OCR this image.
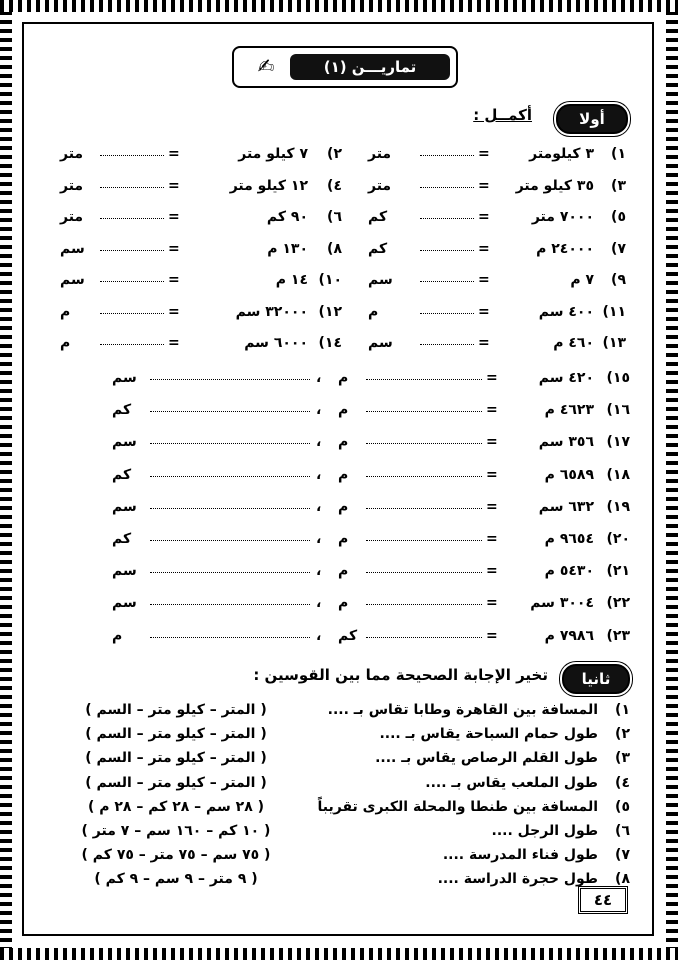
✍	تماريـــن (١)
أولا
أكمــل :
١)
٣ كيلومتر
=
متر
٢)
٧ كيلو متر
=
متر
٣)
٣٥ كيلو متر
=
متر
٤)
١٢ كيلو متر
=
متر
٥)
٧٠٠٠ متر
=
كم
٦)
٩٠ كم
=
متر
٧)
٢٤٠٠٠ م
=
كم
٨)
١٣٠ م
=
سم
٩)
٧ م
=
سم
١٠)
١٤ م
=
سم
١١)
٤٠٠ سم
=
م
١٢)
٣٢٠٠٠ سم
=
م
١٣)
٤٦٠ م
=
سم
١٤)
٦٠٠٠ سم
=
م
١٥)
٤٢٠ سم
=
م
،
سم
١٦)
٤٦٢٣ م
=
م
،
كم
١٧)
٣٥٦ سم
=
م
،
سم
١٨)
٦٥٨٩ م
=
م
،
كم
١٩)
٦٣٢ سم
=
م
،
سم
٢٠)
٩٦٥٤ م
=
م
،
كم
٢١)
٥٤٣٠ م
=
م
،
سم
٢٢)
٣٠٠٤ سم
=
م
،
سم
٢٣)
٧٩٨٦ م
=
كم
،
م
ثانيا
تخير الإجابة الصحيحة مما بين القوسين :
١)
المسافة بين القاهرة وطابا تقاس بـ ....
( المتر – كيلو متر – السم )
٢)
طول حمام السباحة يقاس بـ ....
( المتر – كيلو متر – السم )
٣)
طول القلم الرصاص يقاس بـ ....
( المتر – كيلو متر – السم )
٤)
طول الملعب يقاس بـ ....
( المتر – كيلو متر – السم )
٥)
المسافة بين طنطا والمحلة الكبرى تقريباً
( ٢٨ سم – ٢٨ كم – ٢٨ م )
٦)
طول الرجل ....
( ١٠ كم – ١٦٠ سم – ٧ متر )
٧)
طول فناء المدرسة ....
( ٧٥ سم – ٧٥ متر – ٧٥ كم )
٨)
طول حجرة الدراسة ....
( ٩ متر – ٩ سم – ٩ كم )
٤٤
